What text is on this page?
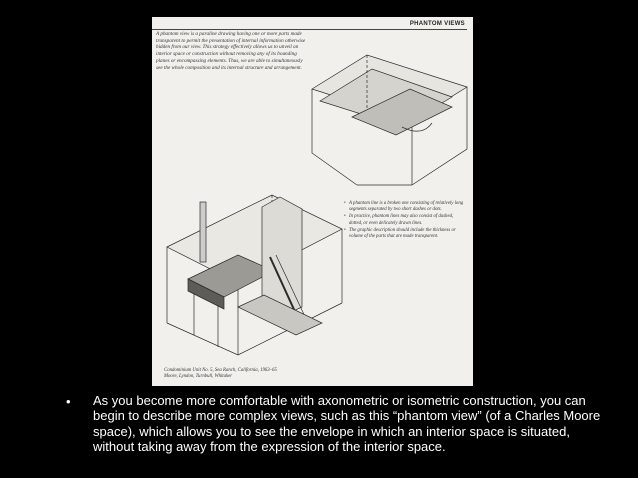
PHANTOM VIEWS
A phantom view is a paraline drawing having one or more parts made transparent to permit the presentation of internal information otherwise hidden from our view. This strategy effectively allows us to unveil an interior space or construction without removing any of its bounding planes or encompassing elements. Thus, we are able to simultaneously see the whole composition and its internal structure and arrangement.
• A phantom line is a broken one consisting of relatively long segments separated by two short dashes or dots.
• In practice, phantom lines may also consist of dashed, dotted, or even delicately drawn lines.
• The graphic description should include the thickness or volume of the parts that are made transparent.
Condominium Unit No. 5, Sea Ranch, California, 1963–65
Moore, Lyndon, Turnbull, Whitaker
• As you become more comfortable with axonometric or isometric construction, you can begin to describe more complex views, such as this “phantom view” (of a Charles Moore space), which allows you to see the envelope in which an interior space is situated, without taking away from the expression of the interior space.
